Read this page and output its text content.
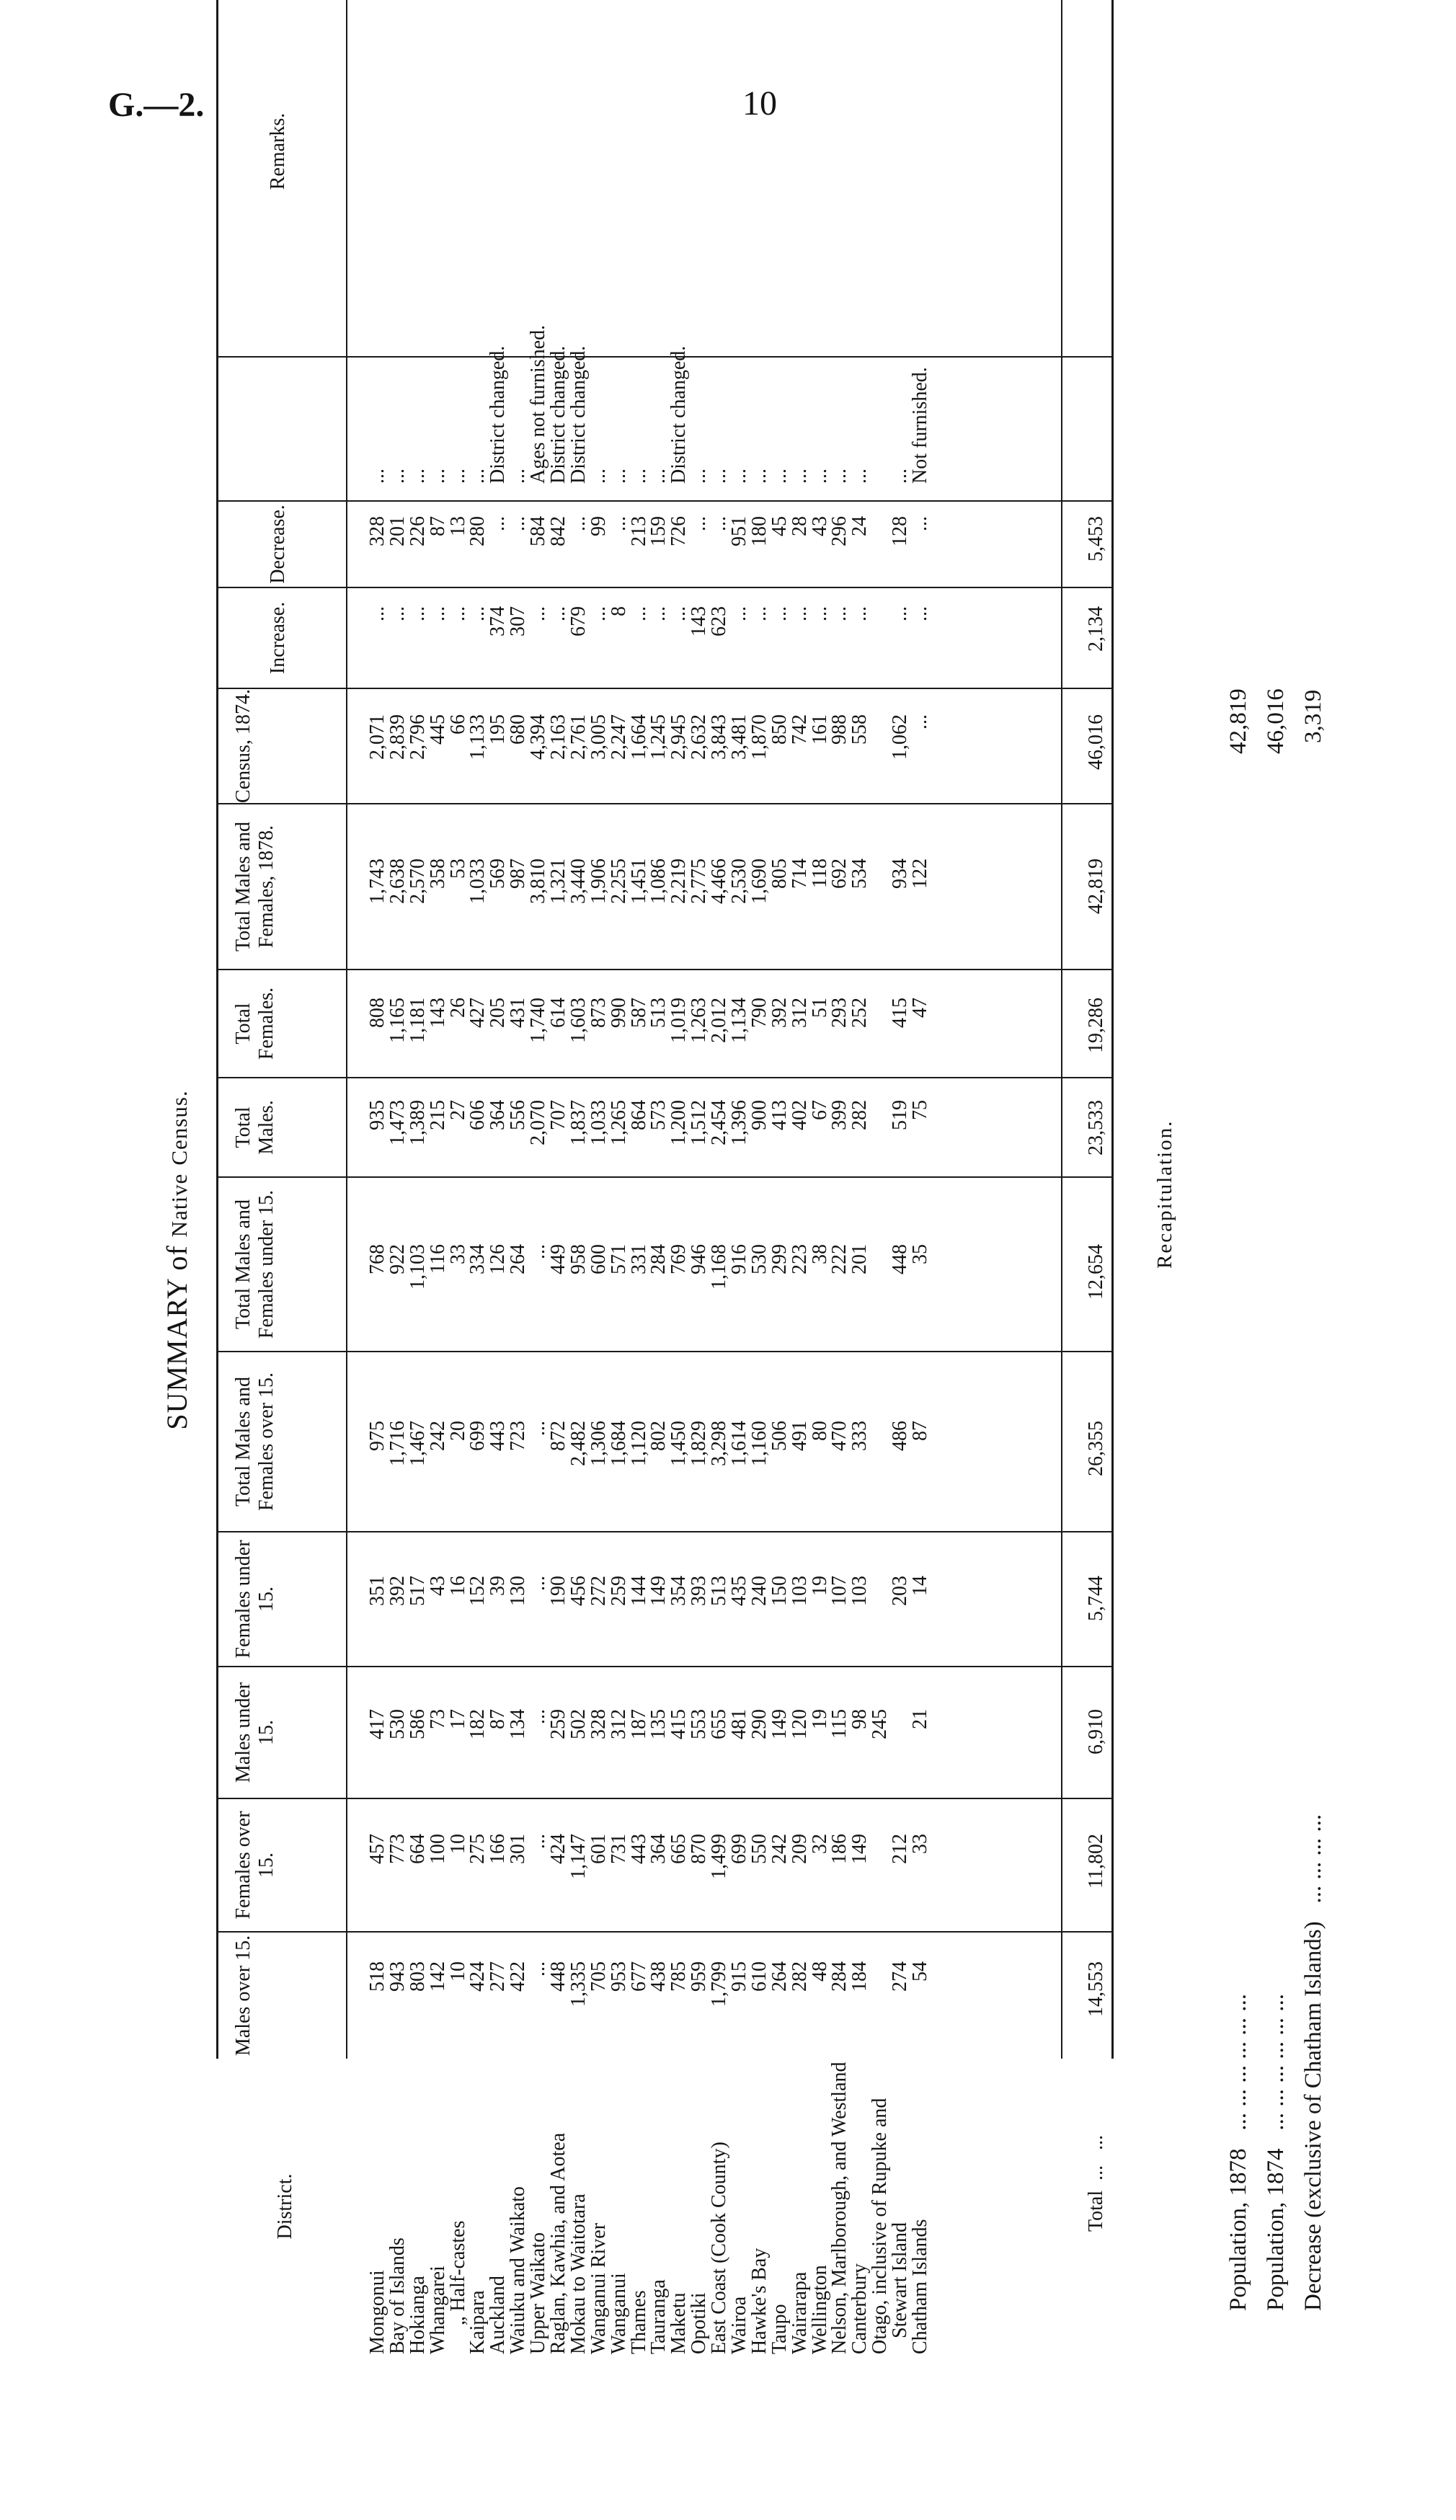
G.—2.	10
SUMMARY of Native Census.
District.
Males over 15.
Females over 15.
Males under 15.
Females under 15.
Total Males and Females over 15.
Total Males and Females under 15.
Total Males.
Total Females.
Total Males and Females, 1878.
Census, 1874.
Increase.
Decrease.
Remarks.
Mongonui
Bay of Islands
Hokianga
Whangarei
„ Half-castes
Kaipara
Auckland
Waiuku and Waikato
Upper Waikato
Raglan, Kawhia, and Aotea
Mokau to Waitotara
Wanganui River
Wanganui
Thames
Tauranga
Maketu
Opotiki
East Coast (Cook County)
Wairoa
Hawke's Bay
Taupo
Wairarapa
Wellington
Nelson, Marlborough, and Westland
Canterbury
Otago, inclusive of Rupuke and
Stewart Island
Chatham Islands
518
943
803
142
10
424
277
422
...
448
1,335
705
953
677
438
785
959
1,799
915
610
264
282
48
284
184 274
54
457
773
664
100
10
275
166
301
...
424
1,147
601
731
443
364
665
870
1,499
699
550
242
209
32
186
149 212
33
417
530
586
73
17
182
87
134
...
259
502
328
312
187
135
415
553
655
481
290
149
120
19
115
98
245 21
351
392
517
43
16
152
39
130
...
190
456
272
259
144
149
354
393
513
435
240
150
103
19
107
103 203
14
975
1,716
1,467
242
20
699
443
723
...
872
2,482
1,306
1,684
1,120
802
1,450
1,829
3,298
1,614
1,160
506
491
80
470
333 486
87
768
922
1,103
116
33
334
126
264
...
449
958
600
571
331
284
769
946
1,168
916
530
299
223
38
222
201 448
35
935
1,473
1,389
215
27
606
364
556
2,070
707
1,837
1,033
1,265
864
573
1,200
1,512
2,454
1,396
900
413
402
67
399
282 519
75
808
1,165
1,181
143
26
427
205
431
1,740
614
1,603
873
990
587
513
1,019
1,263
2,012
1,134
790
392
312
51
293
252 415
47
1,743
2,638
2,570
358
53
1,033
569
987
3,810
1,321
3,440
1,906
2,255
1,451
1,086
2,219
2,775
4,466
2,530
1,690
805
714
118
692
534 934
122
2,071
2,839
2,796
445
66
1,133
195
680
4,394
2,163
2,761
3,005
2,247
1,664
1,245
2,945
2,632
3,843
3,481
1,870
850
742
161
988
558 1,062
...
...
...
...
...
...
...
374
307
...
...
679
...
8
...
...
...
143
623
...
...
...
...
...
...
... ...
...
328
201
226
87
13
280
...
...
584
842
...
99
...
213
159
726
...
...
951
180
45
28
43
296
24 128
...
...
...
...
...
...
...
District changed.
...
Ages not furnished.
District changed.
District changed.
...
...
...
...
District changed.
...
...
...
...
...
...
...
...
... ...
Not furnished.
Total  ...   ...
14,553
11,802
6,910
5,744
26,355
12,654
23,533
19,286
42,819
46,016
2,134
5,453
Recapitulation.
Population, 1878   ... ... ... ... ... ...
42,819
Population, 1874   ... ... ... ... ... ...
46,016
Decrease (exclusive of Chatham Islands)   ... ... ... ...
3,319
